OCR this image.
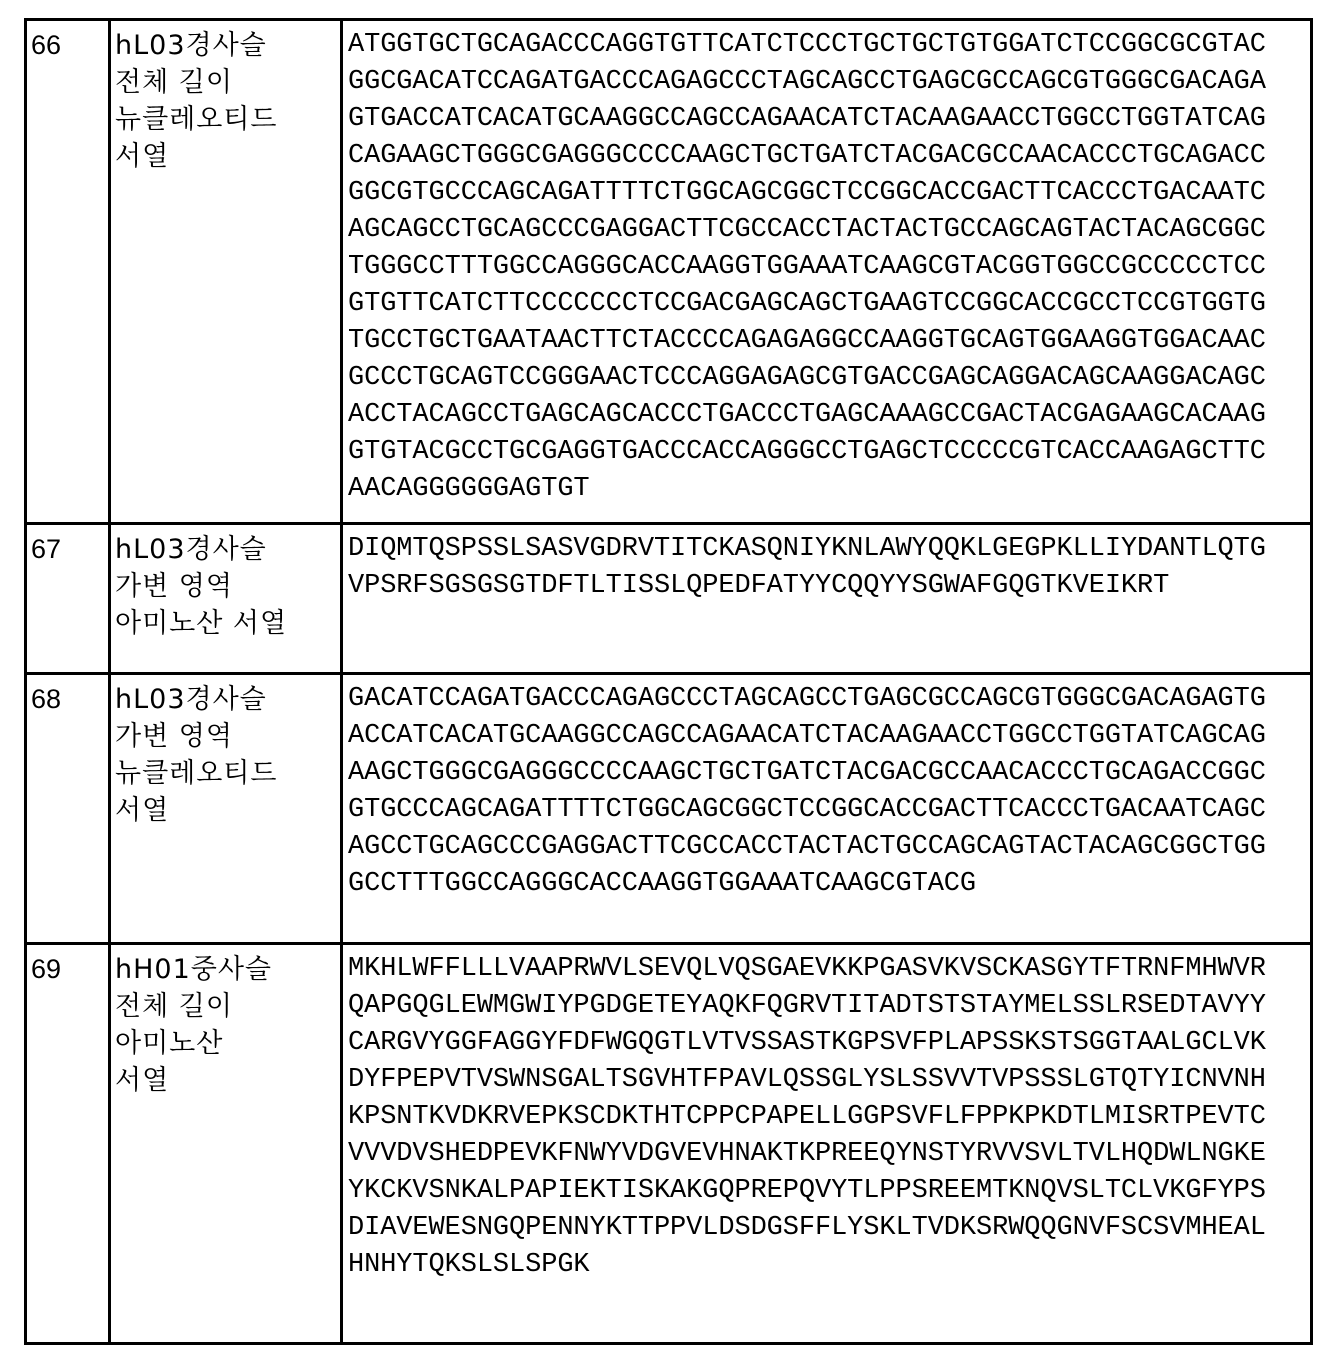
66	hL03경사슬
전체 길이
뉴클레오티드
서열

ATGGTGCTGCAGACCCAGGTGTTCATCTCCCTGCTGCTGTGGATCTCCGGCGCGTAC
GGCGACATCCAGATGACCCAGAGCCCTAGCAGCCTGAGCGCCAGCGTGGGCGACAGA
GTGACCATCACATGCAAGGCCAGCCAGAACATCTACAAGAACCTGGCCTGGTATCAG
CAGAAGCTGGGCGAGGGCCCCAAGCTGCTGATCTACGACGCCAACACCCTGCAGACC
GGCGTGCCCAGCAGATTTTCTGGCAGCGGCTCCGGCACCGACTTCACCCTGACAATC
AGCAGCCTGCAGCCCGAGGACTTCGCCACCTACTACTGCCAGCAGTACTACAGCGGC
TGGGCCTTTGGCCAGGGCACCAAGGTGGAAATCAAGCGTACGGTGGCCGCCCCCTCC
GTGTTCATCTTCCCCCCCTCCGACGAGCAGCTGAAGTCCGGCACCGCCTCCGTGGTG
TGCCTGCTGAATAACTTCTACCCCAGAGAGGCCAAGGTGCAGTGGAAGGTGGACAAC
GCCCTGCAGTCCGGGAACTCCCAGGAGAGCGTGACCGAGCAGGACAGCAAGGACAGC
ACCTACAGCCTGAGCAGCACCCTGACCCTGAGCAAAGCCGACTACGAGAAGCACAAG
GTGTACGCCTGCGAGGTGACCCACCAGGGCCTGAGCTCCCCCGTCACCAAGAGCTTC
AACAGGGGGGAGTGT

67	hL03경사슬
가변 영역
아미노산 서열

DIQMTQSPSSLSASVGDRVTITCKASQNIYKNLAWYQQKLGEGPKLLIYDANTLQTG
VPSRFSGSGSGTDFTLTISSLQPEDFATYYCQQYYSGWAFGQGTKVEIKRT

68	hL03경사슬
가변 영역
뉴클레오티드
서열

GACATCCAGATGACCCAGAGCCCTAGCAGCCTGAGCGCCAGCGTGGGCGACAGAGTG
ACCATCACATGCAAGGCCAGCCAGAACATCTACAAGAACCTGGCCTGGTATCAGCAG
AAGCTGGGCGAGGGCCCCAAGCTGCTGATCTACGACGCCAACACCCTGCAGACCGGC
GTGCCCAGCAGATTTTCTGGCAGCGGCTCCGGCACCGACTTCACCCTGACAATCAGC
AGCCTGCAGCCCGAGGACTTCGCCACCTACTACTGCCAGCAGTACTACAGCGGCTGG
GCCTTTGGCCAGGGCACCAAGGTGGAAATCAAGCGTACG

69	hH01중사슬
전체 길이
아미노산
서열

MKHLWFFLLLVAAPRWVLSEVQLVQSGAEVKKPGASVKVSCKASGYTFTRNFMHWVR
QAPGQGLEWMGWIYPGDGETEYAQKFQGRVTITADTSTSTAYMELSSLRSEDTAVYY
CARGVYGGFAGGYFDFWGQGTLVTVSSASTKGPSVFPLAPSSKSTSGGTAALGCLVK
DYFPEPVTVSWNSGALTSGVHTFPAVLQSSGLYSLSSVVTVPSSSLGTQTYICNVNH
KPSNTKVDKRVEPKSCDKTHTCPPCPAPELLGGPSVFLFPPKPKDTLMISRTPEVTC
VVVDVSHEDPEVKFNWYVDGVEVHNAKTKPREEQYNSTYRVVSVLTVLHQDWLNGKE
YKCKVSNKALPAPIEKTISKAKGQPREPQVYTLPPSREEMTKNQVSLTCLVKGFYPS
DIAVEWESNGQPENNYKTTPPVLDSDGSFFLYSKLTVDKSRWQQGNVFSCSVMHEAL
HNHYTQKSLSLSPGK
